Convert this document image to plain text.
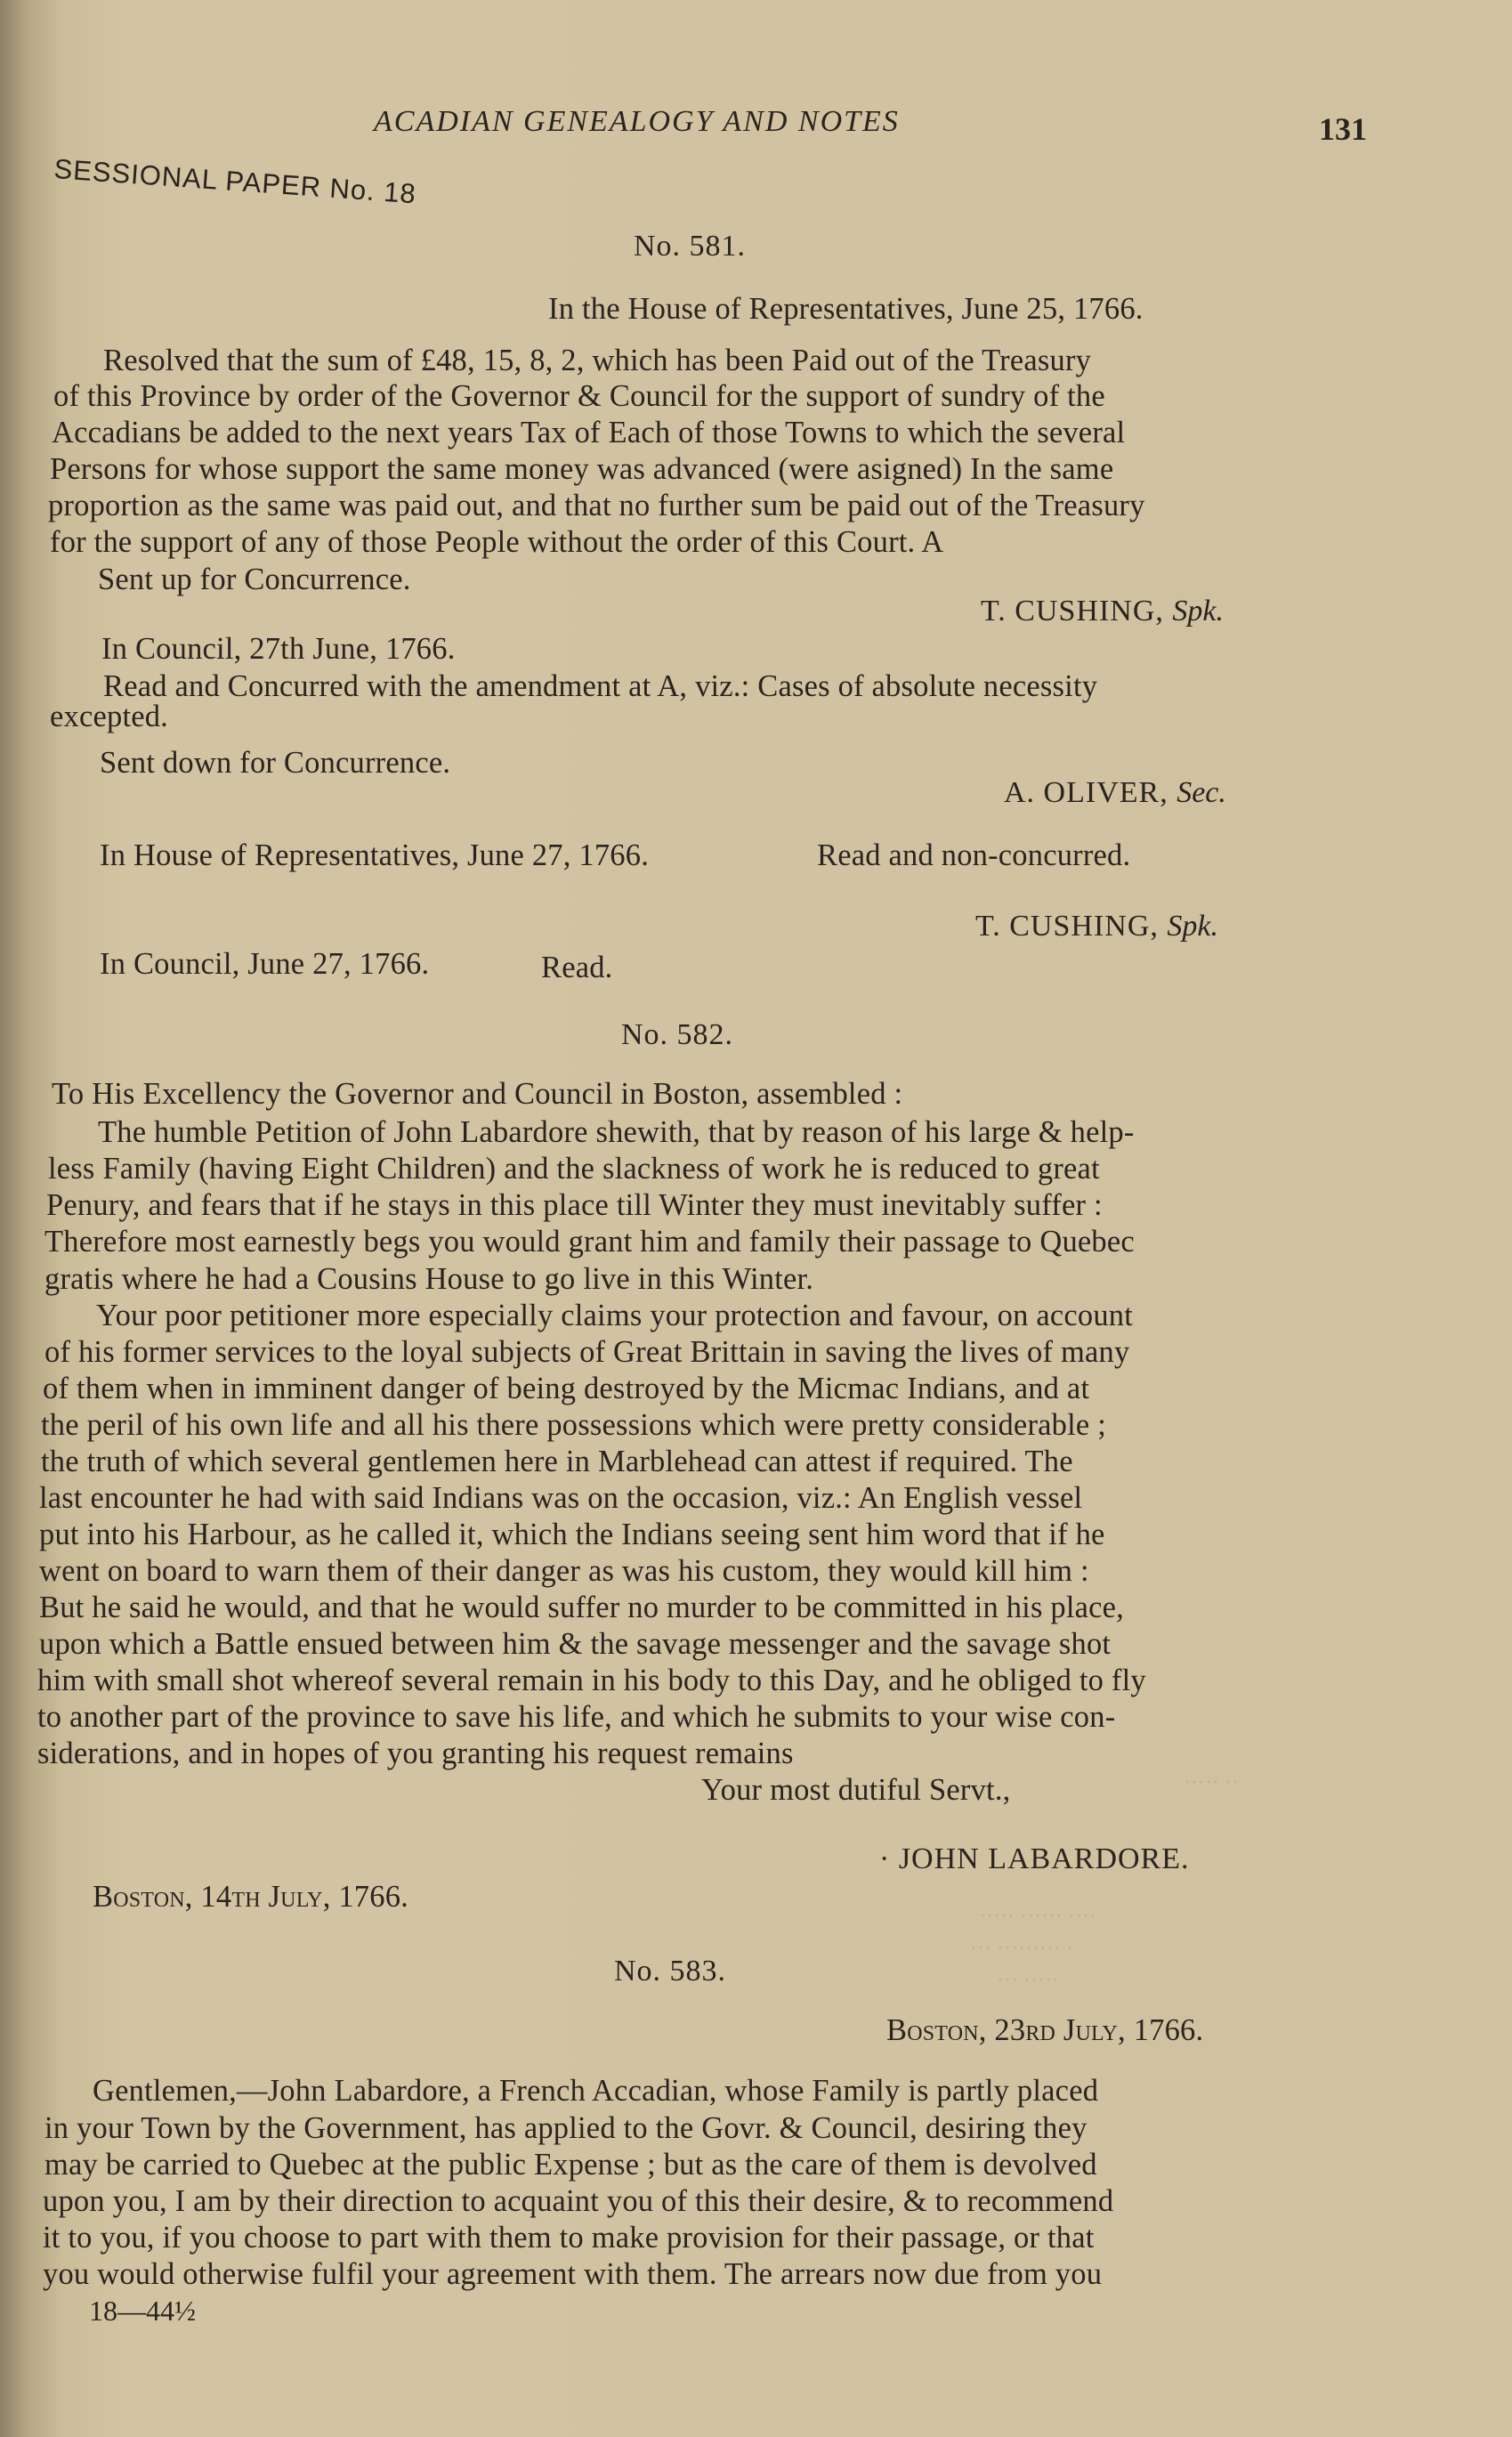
ACADIAN GENEALOGY AND NOTES	131
SESSIONAL PAPER No. 18
No. 581.
In the House of Representatives, June 25, 1766.
Resolved that the sum of £48, 15, 8, 2, which has been Paid out of the Treasury
of this Province by order of the Governor & Council for the support of sundry of the
Accadians be added to the next years Tax of Each of those Towns to which the several
Persons for whose support the same money was advanced (were asigned) In the same
proportion as the same was paid out, and that no further sum be paid out of the Treasury
for the support of any of those People without the order of this Court. A
Sent up for Concurrence.
T. CUSHING, Spk.
In Council, 27th June, 1766.
Read and Concurred with the amendment at A, viz.: Cases of absolute necessity
excepted.
Sent down for Concurrence.
A. OLIVER, Sec.
In House of Representatives, June 27, 1766.	Read and non-concurred.
T. CUSHING, Spk.
In Council, June 27, 1766.	Read.
No. 582.
To His Excellency the Governor and Council in Boston, assembled :
The humble Petition of John Labardore shewith, that by reason of his large & help-
less Family (having Eight Children) and the slackness of work he is reduced to great
Penury, and fears that if he stays in this place till Winter they must inevitably suffer :
Therefore most earnestly begs you would grant him and family their passage to Quebec
gratis where he had a Cousins House to go live in this Winter.
Your poor petitioner more especially claims your protection and favour, on account
of his former services to the loyal subjects of Great Brittain in saving the lives of many
of them when in imminent danger of being destroyed by the Micmac Indians, and at
the peril of his own life and all his there possessions which were pretty considerable ;
the truth of which several gentlemen here in Marblehead can attest if required. The
last encounter he had with said Indians was on the occasion, viz.: An English vessel
put into his Harbour, as he called it, which the Indians seeing sent him word that if he
went on board to warn them of their danger as was his custom, they would kill him :
But he said he would, and that he would suffer no murder to be committed in his place,
upon which a Battle ensued between him & the savage messenger and the savage shot
him with small shot whereof several remain in his body to this Day, and he obliged to fly
to another part of the province to save his life, and which he submits to your wise con-
siderations, and in hopes of you granting his request remains
Your most dutiful Servt.,	····· ··
· JOHN LABARDORE.
Boston, 14th July, 1766.
····· ······ ····
··· ········· ·
··· ·····
No. 583.
Boston, 23rd July, 1766.
Gentlemen,—John Labardore, a French Accadian, whose Family is partly placed
in your Town by the Government, has applied to the Govr. & Council, desiring they
may be carried to Quebec at the public Expense ; but as the care of them is devolved
upon you, I am by their direction to acquaint you of this their desire, & to recommend
it to you, if you choose to part with them to make provision for their passage, or that
you would otherwise fulfil your agreement with them. The arrears now due from you
18—44½
